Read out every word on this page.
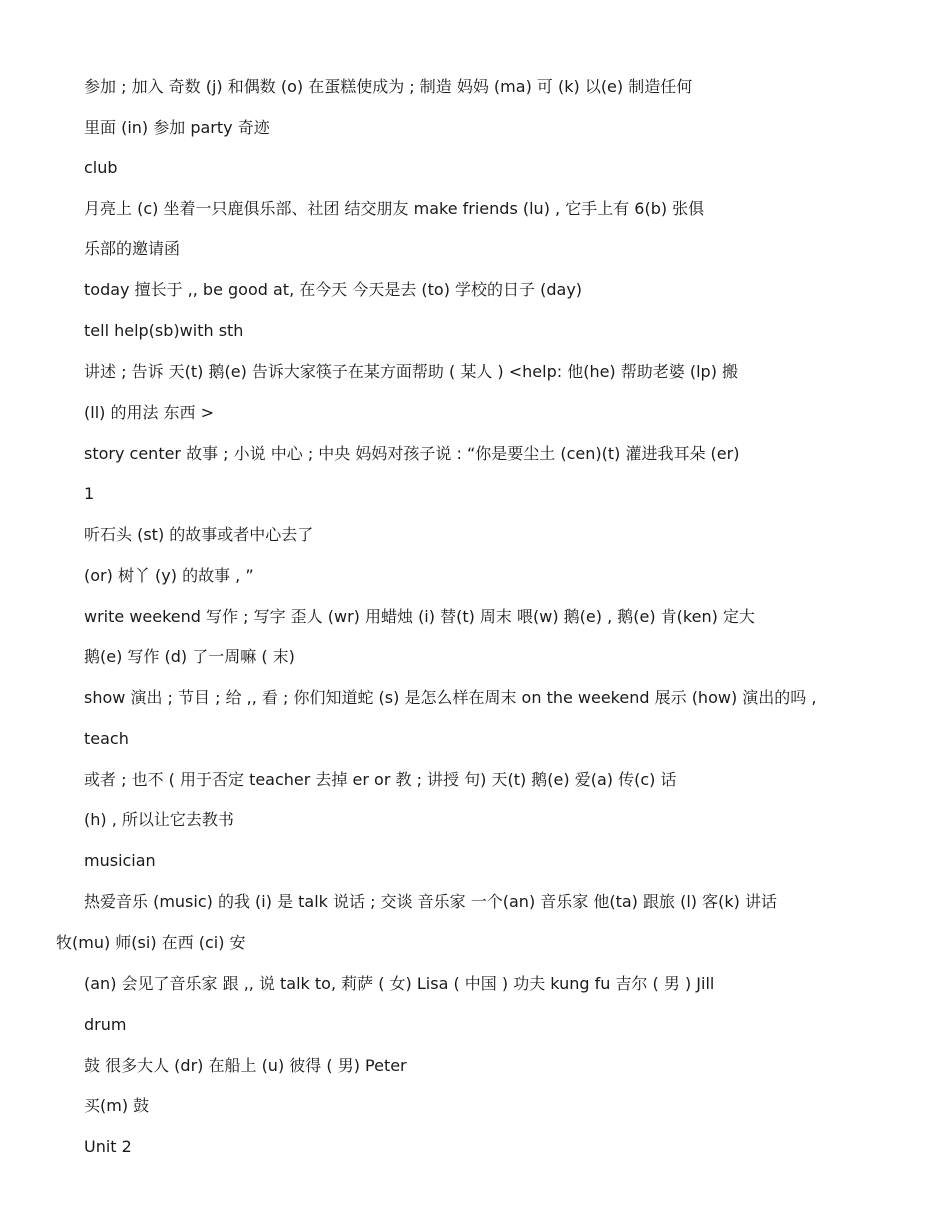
参加 ; 加入 奇数 (j) 和偶数 (o) 在蛋糕使成为 ; 制造 妈妈 (ma) 可 (k) 以(e) 制造任何
里面 (in) 参加 party 奇迹
club
月亮上 (c) 坐着一只鹿俱乐部、社团 结交朋友 make friends (lu) , 它手上有 6(b) 张俱
乐部的邀请函
today 擅长于 ,, be good at, 在今天 今天是去 (to) 学校的日子 (day)
tell help(sb)with sth
讲述 ; 告诉 天(t) 鹅(e) 告诉大家筷子在某方面帮助 ( 某人 ) <help: 他(he) 帮助老婆 (lp) 搬
(ll) 的用法 东西 >
story center 故事 ; 小说 中心 ; 中央 妈妈对孩子说 : “你是要尘土 (cen)(t) 灌进我耳朵 (er)
1
听石头 (st) 的故事或者中心去了
(or) 树丫 (y) 的故事 , ”
write weekend 写作 ; 写字 歪人 (wr) 用蜡烛 (i) 替(t) 周末 喂(w) 鹅(e) , 鹅(e) 肯(ken) 定大
鹅(e) 写作 (d) 了一周嘛 ( 末)
show 演出 ; 节目 ; 给 ,, 看 ; 你们知道蛇 (s) 是怎么样在周末 on the weekend 展示 (how) 演出的吗 ,
teach
或者 ; 也不 ( 用于否定 teacher 去掉 er or 教 ; 讲授 句) 天(t) 鹅(e) 爱(a) 传(c) 话
(h) , 所以让它去教书
musician
热爱音乐 (music) 的我 (i) 是 talk 说话 ; 交谈 音乐家 一个(an) 音乐家 他(ta) 跟旅 (l) 客(k) 讲话
牧(mu) 师(si) 在西 (ci) 安
(an) 会见了音乐家 跟 ,, 说 talk to, 莉萨 ( 女) Lisa ( 中国 ) 功夫 kung fu 吉尔 ( 男 ) Jill
drum
鼓 很多大人 (dr) 在船上 (u) 彼得 ( 男) Peter
买(m) 鼓
Unit 2
